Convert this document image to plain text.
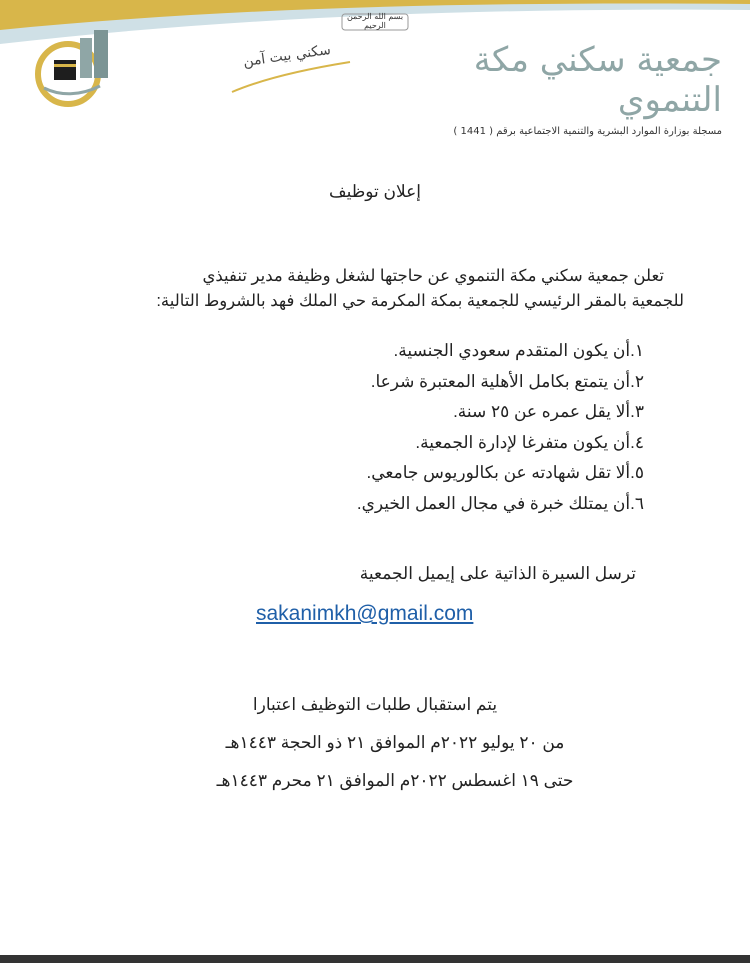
بسم الله الرحمن الرحيم
سكني بيت آمن	جمعية سكني مكة التنموي
مسجلة بوزارة الموارد البشرية والتنمية الاجتماعية برقم ( 1441 )
إعلان توظيف
تعلن جمعية سكني مكة التنموي عن حاجتها لشغل وظيفة مدير تنفيذي
للجمعية بالمقر الرئيسي للجمعية بمكة المكرمة حي الملك فهد بالشروط التالية:
١.أن يكون المتقدم سعودي الجنسية.
٢.أن يتمتع بكامل الأهلية المعتبرة شرعا.
٣.ألا يقل عمره عن ٢٥ سنة.
٤.أن يكون متفرغا لإدارة الجمعية.
٥.ألا تقل شهادته عن بكالوريوس جامعي.
٦.أن يمتلك خبرة في مجال العمل الخيري.
ترسل السيرة الذاتية على إيميل الجمعية
sakanimkh@gmail.com
يتم استقبال طلبات التوظيف اعتبارا
من ٢٠ يوليو ٢٠٢٢م الموافق ٢١ ذو الحجة ١٤٤٣هـ
حتى ١٩ اغسطس ٢٠٢٢م الموافق ٢١ محرم ١٤٤٣هـ
